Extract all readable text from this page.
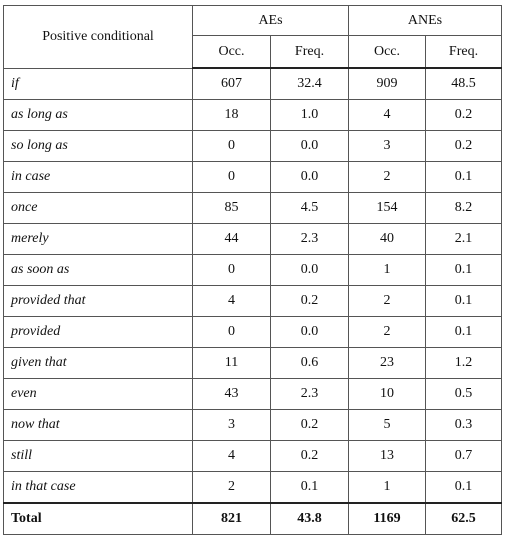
Positive conditional	AEs		ANEs	
	Occ.	Freq.	Occ.	Freq.
if	607	32.4	909	48.5
as long as	18	1.0	4	0.2
so long as	0	0.0	3	0.2
in case	0	0.0	2	0.1
once	85	4.5	154	8.2
merely	44	2.3	40	2.1
as soon as	0	0.0	1	0.1
provided that	4	0.2	2	0.1
provided	0	0.0	2	0.1
given that	11	0.6	23	1.2
even	43	2.3	10	0.5
now that	3	0.2	5	0.3
still	4	0.2	13	0.7
in that case	2	0.1	1	0.1
Total	821	43.8	1169	62.5
